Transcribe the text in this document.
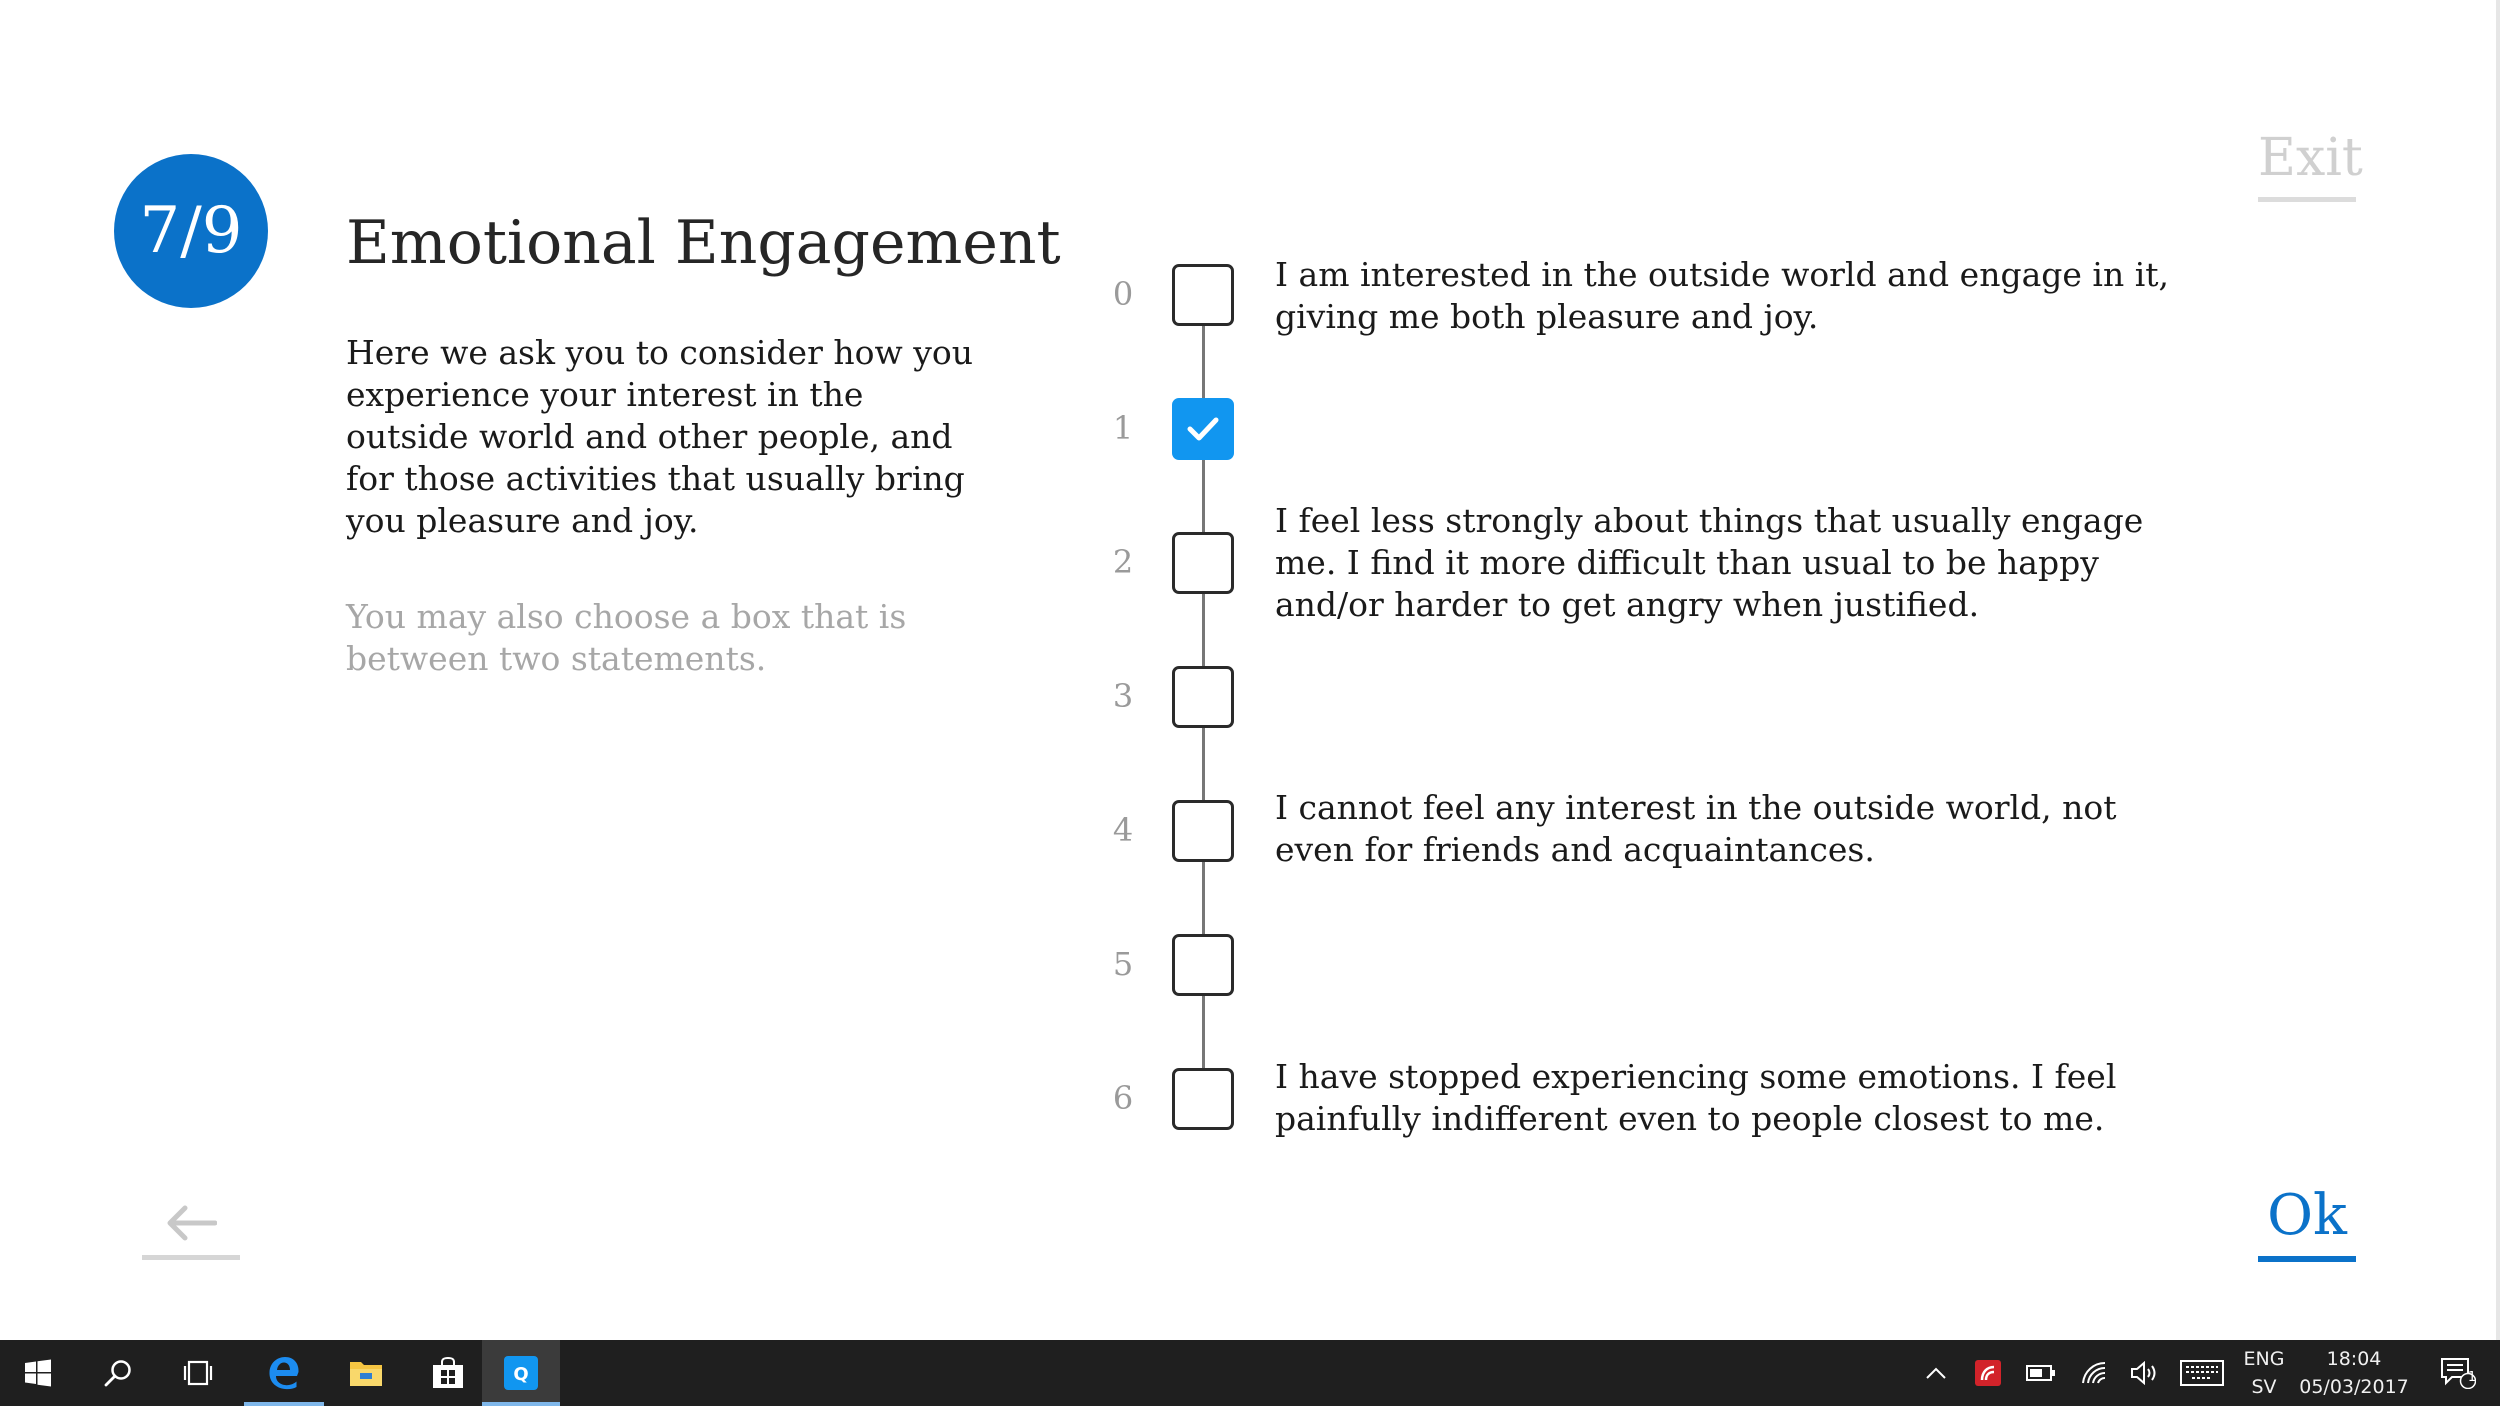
7/9 Emotional Engagement
Here we ask you to consider how you experience your interest in the outside world and other people, and for those activities that usually bring you pleasure and joy.
You may also choose a box that is between two statements.
Exit
0	I am interested in the outside world and engage in it, giving me both pleasure and joy.
1
2
I feel less strongly about things that usually engage me. I find it more difficult than usual to be happy and/or harder to get angry when justified.
3
4
I cannot feel any interest in the outside world, not even for friends and acquaintances.
5
6
I have stopped experiencing some emotions. I feel painfully indifferent even to people closest to me.
Ok
Q
ENG
SV
18:04
05/03/2017	1
